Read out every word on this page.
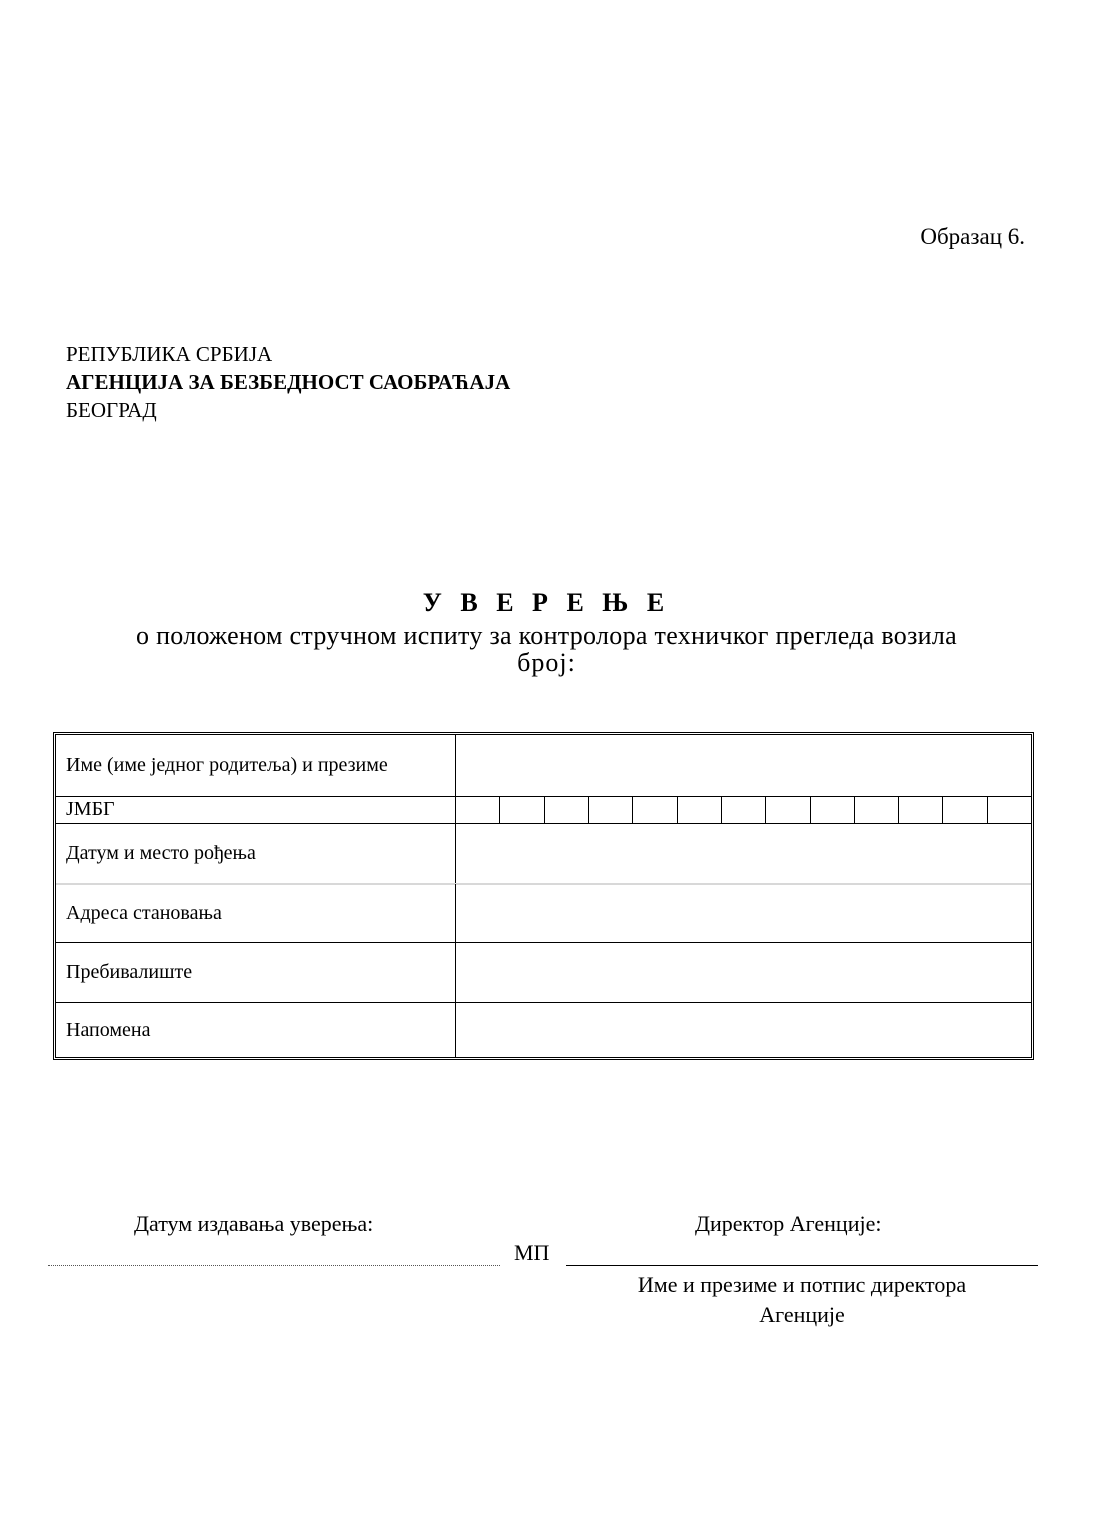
Образац 6.
РЕПУБЛИКА СРБИЈА
АГЕНЦИЈА ЗА БЕЗБЕДНОСТ САОБРАЋАЈА
БЕОГРАД
У В Е Р Е Њ Е
о положеном стручном испиту за контролора техничког прегледа возила
број:
Име (име једног родитеља) и презиме
ЈМБГ
Датум и место рођења
Адреса становања
Пребивалиште
Напомена
Датум издавања уверења:	Директор Агенције:
МП
Име и презиме и потпис директора
Агенције
